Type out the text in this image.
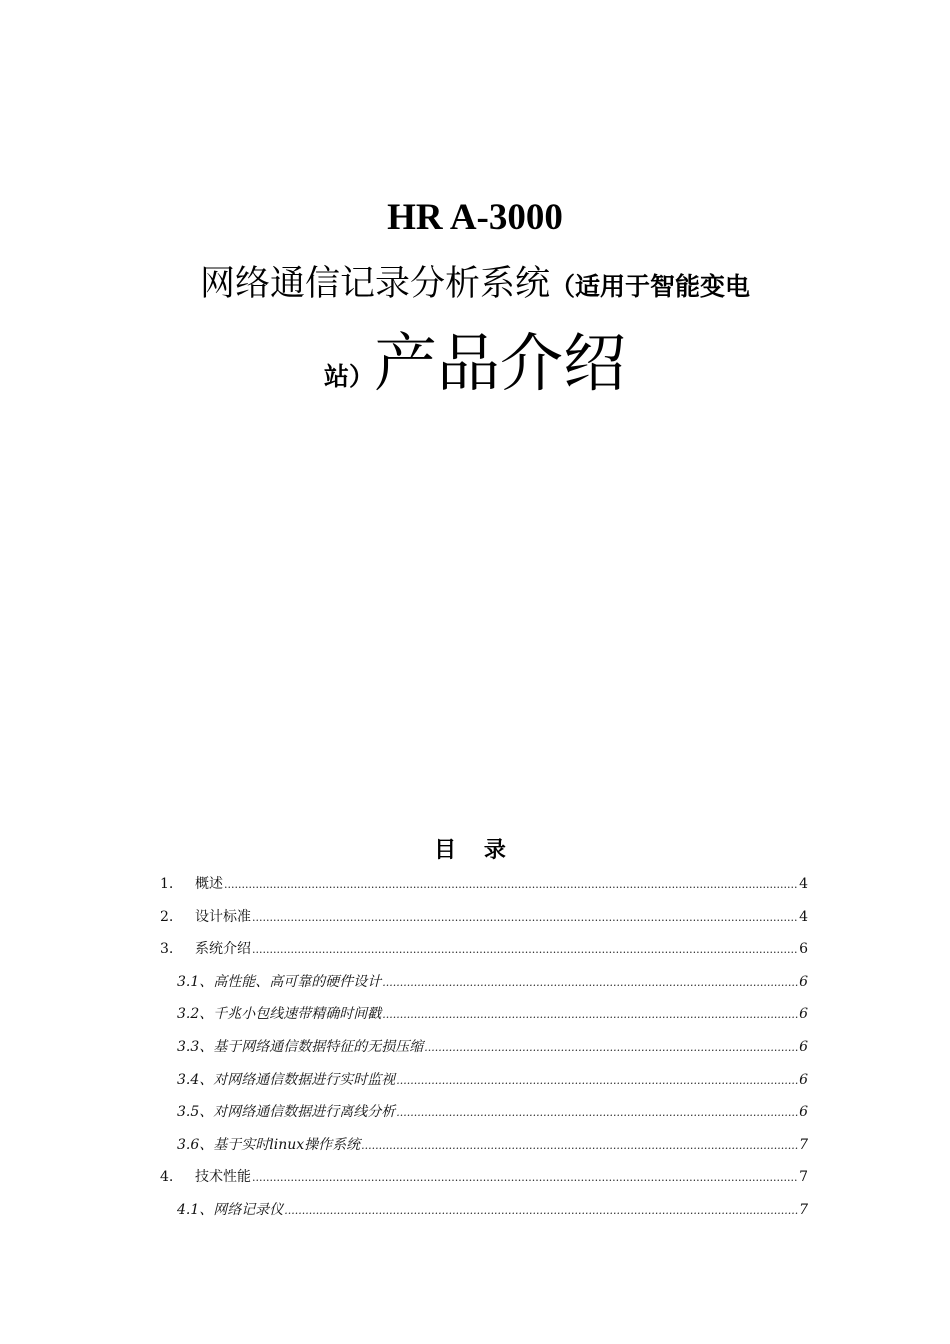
HR A-3000
网络通信记录分析系统（适用于智能变电
站）产品介绍
目 录
1.	概述 .....	4
2.	设计标准 .....	4
3.	系统介绍 .....	6
3.1 、 高性能、高可靠的硬件设计 .....	6
3.2 、 千兆小包线速带精确时间戳 .....	6
3.3 、 基于网络通信数据特征的无损压缩 .....	6
3.4 、 对网络通信数据进行实时监视 .....	6
3.5 、 对网络通信数据进行离线分析 .....	6
3.6 、 基于实时linux操作系统 .....	7
4.	技术性能 .....	7
4.1 、 网络记录仪 .....	7
